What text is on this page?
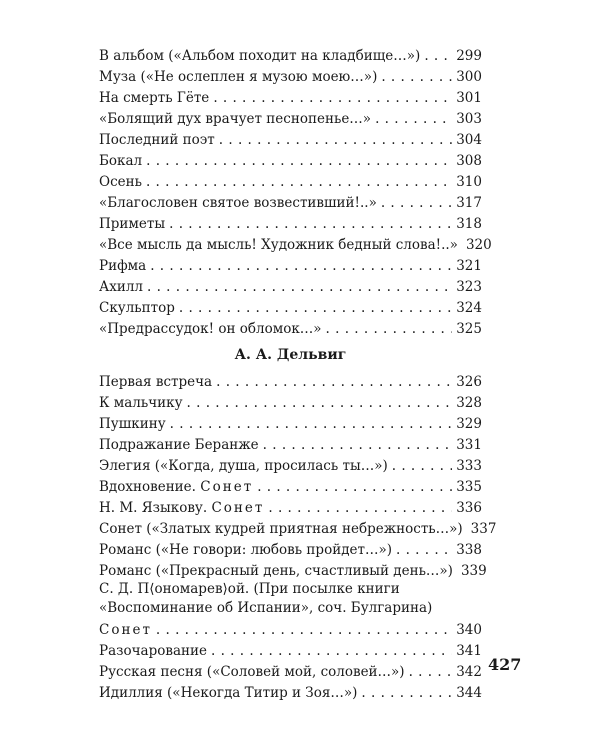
В альбом («Альбом походит на кладбище…») . . .	299
Муза («Не ослеплен я музою моею…») . . .	300
На смерть Гёте . . .	301
«Болящий дух врачует песнопенье…» . . .	303
Последний поэт . . .	304
Бокал . . .	308
Осень . . .	310
«Благословен святое возвестивший!..» . . .	317
Приметы . . .	318
«Все мысль да мысль! Художник бедный слова!..» 320
Рифма . . .	321
Ахилл . . .	323
Скульптор . . .	324
«Предрассудок! он обломок…» . . .	325
А. А. Дельвиг
Первая встреча . . .	326
К мальчику . . .	328
Пушкину . . .	329
Подражание Беранже . . .	331
Элегия («Когда, душа, просилась ты…») . . .	333
Вдохновение. Сонет . . .	335
Н. М. Языкову. Сонет . . .	336
Сонет («Златых кудрей приятная небрежность…») 337
Романс («Не говори: любовь пройдет…») . . .	338
Романс («Прекрасный день, счастливый день…») 339
С. Д. П⟨ономарев⟩ой. (При посылке книги
«Воспоминание об Испании», соч. Булгарина)
Сонет . . .	340
Разочарование . . .	341
Русская песня («Соловей мой, соловей…») . . .	342
Идиллия («Некогда Титир и Зоя…») . . .	344
427
